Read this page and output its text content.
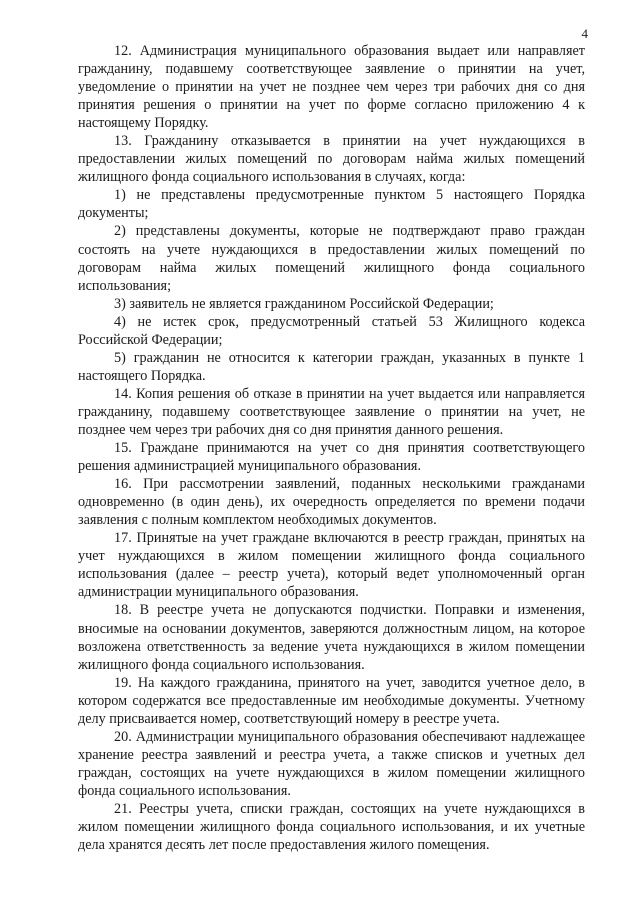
4

12. Администрация муниципального образования выдает или направляет гражданину, подавшему соответствующее заявление о принятии на учет, уведомление о принятии на учет не позднее чем через три рабочих дня со дня принятия решения о принятии на учет по форме согласно приложению 4 к настоящему Порядку.

13. Гражданину отказывается в принятии на учет нуждающихся в предоставлении жилых помещений по договорам найма жилых помещений жилищного фонда социального использования в случаях, когда:

1) не представлены предусмотренные пунктом 5 настоящего Порядка документы;

2) представлены документы, которые не подтверждают право граждан состоять на учете нуждающихся в предоставлении жилых помещений по договорам найма жилых помещений жилищного фонда социального использования;

3) заявитель не является гражданином Российской Федерации;

4) не истек срок, предусмотренный статьей 53 Жилищного кодекса Российской Федерации;

5) гражданин не относится к категории граждан, указанных в пункте 1 настоящего Порядка.

14. Копия решения об отказе в принятии на учет выдается или направляется гражданину, подавшему соответствующее заявление о принятии на учет, не позднее чем через три рабочих дня со дня принятия данного решения.

15. Граждане принимаются на учет со дня принятия соответствующего решения администрацией муниципального образования.

16. При рассмотрении заявлений, поданных несколькими гражданами одновременно (в один день), их очередность определяется по времени подачи заявления с полным комплектом необходимых документов.

17. Принятые на учет граждане включаются в реестр граждан, принятых на учет нуждающихся в жилом помещении жилищного фонда социального использования (далее – реестр учета), который ведет уполномоченный орган администрации муниципального образования.

18. В реестре учета не допускаются подчистки. Поправки и изменения, вносимые на основании документов, заверяются должностным лицом, на которое возложена ответственность за ведение учета нуждающихся в жилом помещении жилищного фонда социального использования.

19. На каждого гражданина, принятого на учет, заводится учетное дело, в котором содержатся все предоставленные им необходимые документы. Учетному делу присваивается номер, соответствующий номеру в реестре учета.

20. Администрации муниципального образования обеспечивают надлежащее хранение реестра заявлений и реестра учета, а также списков и учетных дел граждан, состоящих на учете нуждающихся в жилом помещении жилищного фонда социального использования.

21. Реестры учета, списки граждан, состоящих на учете нуждающихся в жилом помещении жилищного фонда социального использования, и их учетные дела хранятся десять лет после предоставления жилого помещения.
